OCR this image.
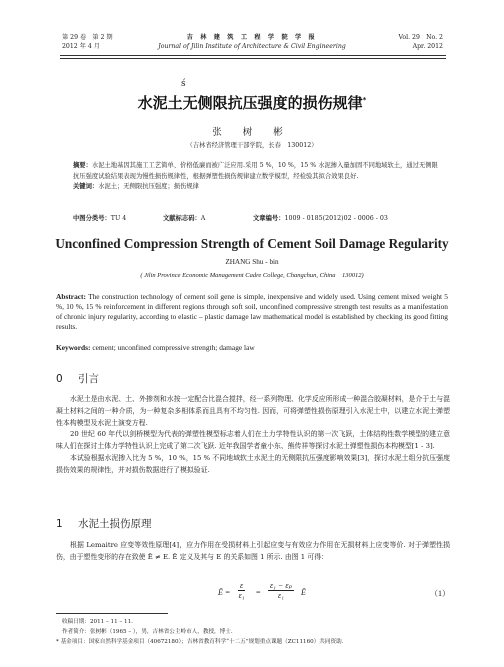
第 29 卷　第 2 期
2012 年 4 月
吉 林 建 筑 工 程 学 院 学 报
Journal of Jilin Institute of Architecture & Civil Engineering
Vol. 29　No. 2
Apr. 2012
ś
水泥土无侧限抗压强度的损伤规律*
张 树 彬
（吉林省经济管理干部学院，长春　130012）
摘要：水泥土地基因其施工工艺简单、价格低廉而被广泛应用.采用 5 %，10 %，15 % 水泥掺入量加固不同地域软土，通过无侧限抗压强度试验结果表现为慢性损伤规律性，根据弹塑性损伤规律建立数学模型，经检验其拟合效果良好.
关键词：水泥土；无侧限抗压强度；损伤规律
中图分类号：TU 4	文献标志码：A	文章编号：1009 - 0185(2012)02 - 0006 - 03
Unconfined Compression Strength of Cement Soil Damage Regularity
ZHANG Shu - bin
( Jilin Province Economic Management Cadre College, Changchun, China　130012)
Abstract: The construction technology of cement soil gene is simple, inexpensive and widely used. Using cement mixed weight 5 %, 10 %, 15 % reinforcement in different regions through soft soil, unconfined compressive strength test results as a manifestation of chronic injury regularity, according to elastic – plastic damage law mathematical model is established by checking its good fitting results.
Keywords: cement; unconfined compressive strength; damage law
0 引言

水泥土是由水泥、土、外掺剂和水按一定配合比混合搅拌，经一系列物理、化学反应所形成一种混合胶凝材料，是介于土与混凝土材料之间的一种介质，为一种复杂多相体系而且具有不均匀性. 因而，可将弹塑性损伤原理引入水泥土中，以建立水泥土弹塑性本构模型及水泥土演变方程.

20 世纪 60 年代以剑桥模型为代表的弹塑性模型标志着人们在土力学特性认识的第一次飞跃，土体结构性数学模型的建立意味人们在探讨土体力学特性认识上完成了第二次飞跃. 近年我国学者童小东、熊传祥等探讨水泥土弹塑性损伤本构模型[1 - 3].

本试验根据水泥掺入比为 5 %，10 %，15 % 不同地域软土水泥土的无侧限抗压强度影响效果[3]，探讨水泥土组分抗压强度损伤效果的规律性，并对损伤数据进行了模拟验证.

1 水泥土损伤原理

根据 Lemaitre 应变等效性原理[4]，应力作用在受损材料上引起应变与有效应力作用在无损材料上应变等价. 对于弹塑性损伤，由于塑性变形的存在致使 Ē ≠ E. Ē 定义及其与 E 的关系如图 1 所示. 由图 1 可得：

Ē = $\frac{\varepsilon}{\text{ε₁}} = \frac{\text{ε₁ − εₚ}}{\text{ε₁}}$ Ē	（1）
收稿日期：2011 – 11 – 11.
作者简介：张树彬（1965 – ），男，吉林省公主岭市人，教授，博士.
* 基金项目：国家自然科学基金项目（40672180）；吉林省教育科学“十二五”规划重点课题（ZC11160）共同资助.
